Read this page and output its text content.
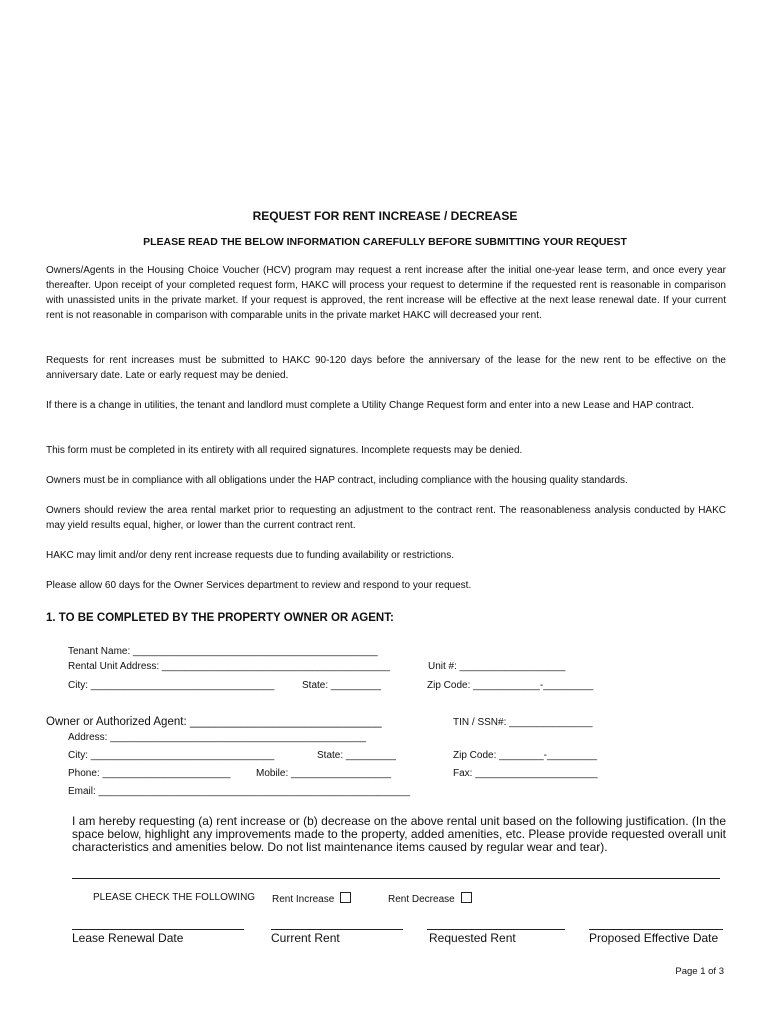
REQUEST FOR RENT INCREASE / DECREASE
PLEASE READ THE BELOW INFORMATION CAREFULLY BEFORE SUBMITTING YOUR REQUEST
Owners/Agents in the Housing Choice Voucher (HCV) program may request a rent increase after the initial one-year lease term, and once every year thereafter. Upon receipt of your completed request form, HAKC will process your request to determine if the requested rent is reasonable in comparison with unassisted units in the private market. If your request is approved, the rent increase will be effective at the next lease renewal date. If your current rent is not reasonable in comparison with comparable units in the private market HAKC will decreased your rent.
Requests for rent increases must be submitted to HAKC 90-120 days before the anniversary of the lease for the new rent to be effective on the anniversary date. Late or early request may be denied.
If there is a change in utilities, the tenant and landlord must complete a Utility Change Request form and enter into a new Lease and HAP contract.
This form must be completed in its entirety with all required signatures. Incomplete requests may be denied.
Owners must be in compliance with all obligations under the HAP contract, including compliance with the housing quality standards.
Owners should review the area rental market prior to requesting an adjustment to the contract rent. The reasonableness analysis conducted by HAKC may yield results equal, higher, or lower than the current contract rent.
HAKC may limit and/or deny rent increase requests due to funding availability or restrictions.
Please allow 60 days for the Owner Services department to review and respond to your request.
1. TO BE COMPLETED BY THE PROPERTY OWNER OR AGENT:
Tenant Name: ____________________________________________
Rental Unit Address: _________________________________________	Unit #: ___________________
City: _________________________________	State: _________	Zip Code: ____________-_________
Owner or Authorized Agent: ______________________________	TIN / SSN#: _______________
Address: ______________________________________________
City: _________________________________	State: _________	Zip Code: ________-_________
Phone: _______________________	Mobile: __________________	Fax: ______________________
Email: ________________________________________________________
I am hereby requesting (a) rent increase or (b) decrease on the above rental unit based on the following justification. (In the space below, highlight any improvements made to the property, added amenities, etc. Please provide requested overall unit characteristics and amenities below. Do not list maintenance items caused by regular wear and tear).
PLEASE CHECK THE FOLLOWING Rent Increase	Rent Decrease
Lease Renewal Date	Current Rent	Requested Rent	Proposed Effective Date
Page 1 of 3
